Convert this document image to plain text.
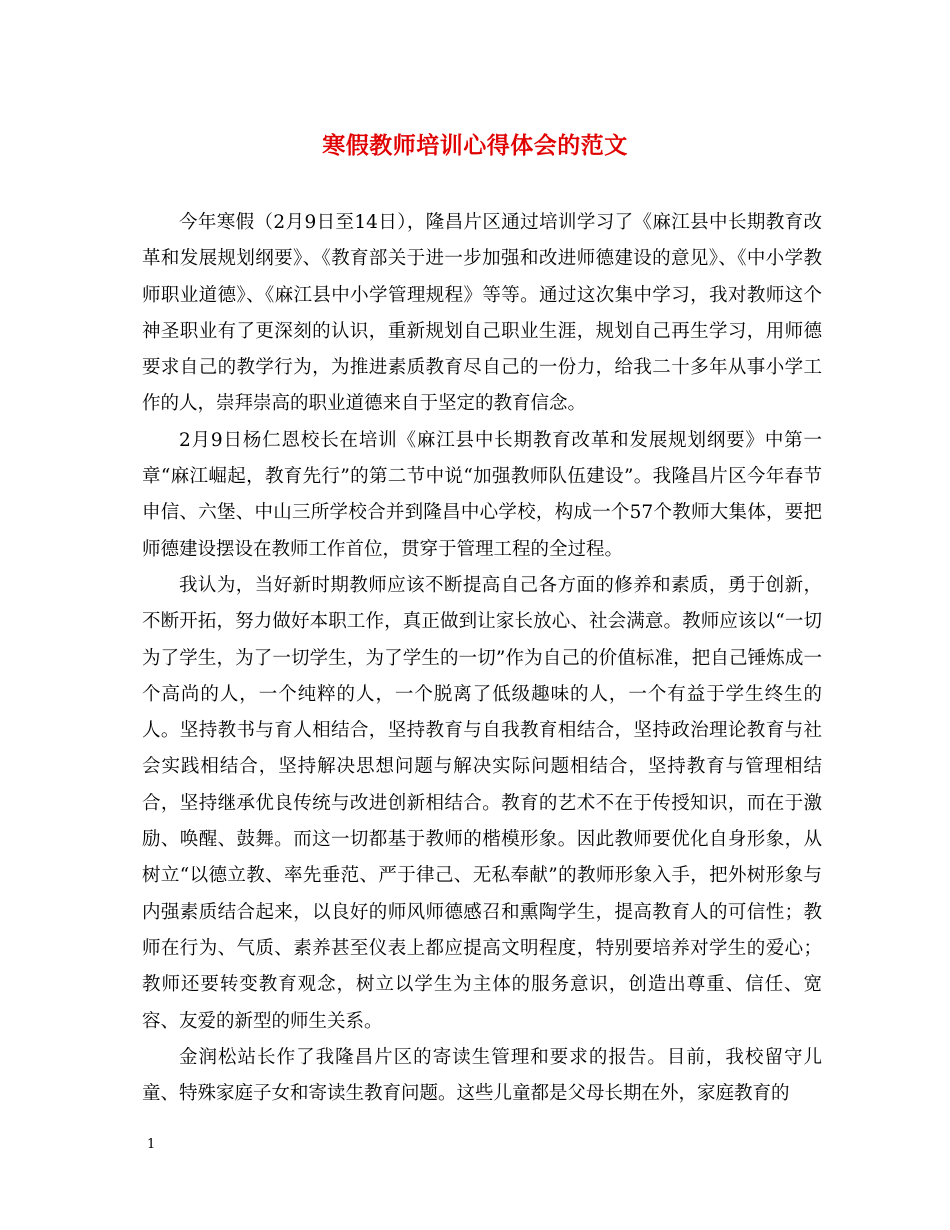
寒假教师培训心得体会的范文

今年寒假（2月9日至14日），隆昌片区通过培训学习了《麻江县中长期教育改革和发展规划纲要》、《教育部关于进一步加强和改进师德建设的意见》、《中小学教师职业道德》、《麻江县中小学管理规程》等等。通过这次集中学习，我对教师这个神圣职业有了更深刻的认识，重新规划自己职业生涯，规划自己再生学习，用师德要求自己的教学行为，为推进素质教育尽自己的一份力，给我二十多年从事小学工作的人，崇拜崇高的职业道德来自于坚定的教育信念。

2月9日杨仁恩校长在培训《麻江县中长期教育改革和发展规划纲要》中第一章“麻江崛起，教育先行”的第二节中说“加强教师队伍建设”。我隆昌片区今年春节申信、六堡、中山三所学校合并到隆昌中心学校，构成一个57个教师大集体，要把师德建设摆设在教师工作首位，贯穿于管理工程的全过程。

我认为，当好新时期教师应该不断提高自己各方面的修养和素质，勇于创新，不断开拓，努力做好本职工作，真正做到让家长放心、社会满意。教师应该以“一切为了学生，为了一切学生，为了学生的一切”作为自己的价值标准，把自己锤炼成一个高尚的人，一个纯粹的人，一个脱离了低级趣味的人，一个有益于学生终生的人。坚持教书与育人相结合，坚持教育与自我教育相结合，坚持政治理论教育与社会实践相结合，坚持解决思想问题与解决实际问题相结合，坚持教育与管理相结合，坚持继承优良传统与改进创新相结合。教育的艺术不在于传授知识，而在于激励、唤醒、鼓舞。而这一切都基于教师的楷模形象。因此教师要优化自身形象，从树立“以德立教、率先垂范、严于律己、无私奉献”的教师形象入手，把外树形象与内强素质结合起来，以良好的师风师德感召和熏陶学生，提高教育人的可信性；教师在行为、气质、素养甚至仪表上都应提高文明程度，特别要培养对学生的爱心；教师还要转变教育观念，树立以学生为主体的服务意识，创造出尊重、信任、宽容、友爱的新型的师生关系。

金润松站长作了我隆昌片区的寄读生管理和要求的报告。目前，我校留守儿童、特殊家庭子女和寄读生教育问题。这些儿童都是父母长期在外，家庭教育的

1
